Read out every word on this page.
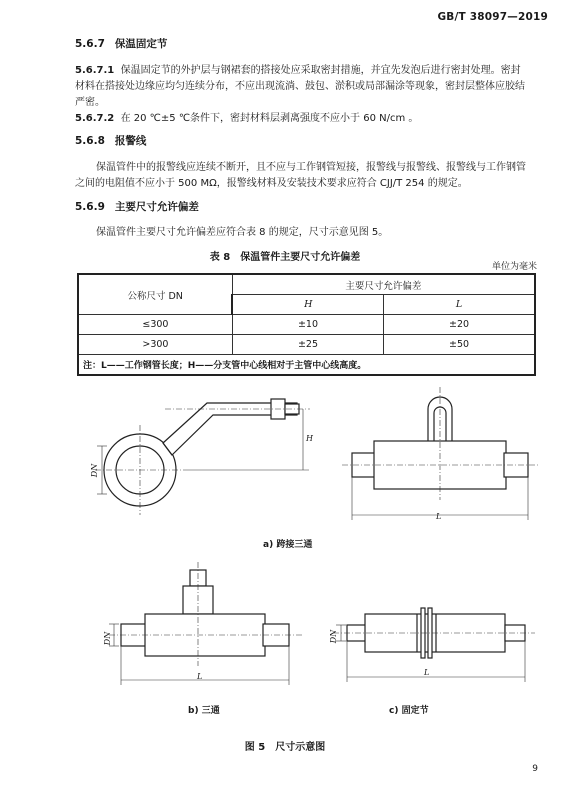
GB/T 38097—2019
5.6.7 保温固定节
5.6.7.1 保温固定节的外护层与钢裙套的搭接处应采取密封措施，并宜先发泡后进行密封处理。密封
材料在搭接处边缘应均匀连续分布，不应出现流淌、鼓包、淤积或局部漏涂等现象，密封层整体应胶结
严密。
5.6.7.2 在 20 ℃±5 ℃条件下，密封材料层剥离强度不应小于 60 N/cm 。
5.6.8 报警线
保温管件中的报警线应连续不断开，且不应与工作钢管短接，报警线与报警线、报警线与工作钢管
之间的电阻值不应小于 500 MΩ，报警线材料及安装技术要求应符合 CJJ/T 254 的规定。
5.6.9 主要尺寸允许偏差
保温管件主要尺寸允许偏差应符合表 8 的规定，尺寸示意见图 5。
表 8　保温管件主要尺寸允许偏差
单位为毫米
公称尺寸 DN	主要尺寸允许偏差	
	H	L
≤300	±10	±20
>300	±25	±50
注：L——工作钢管长度；H——分支管中心线相对于主管中心线高度。		
DN
H
L
a) 跨接三通
DN
L
b) 三通
DN
L
c) 固定节
图 5　尺寸示意图
9
